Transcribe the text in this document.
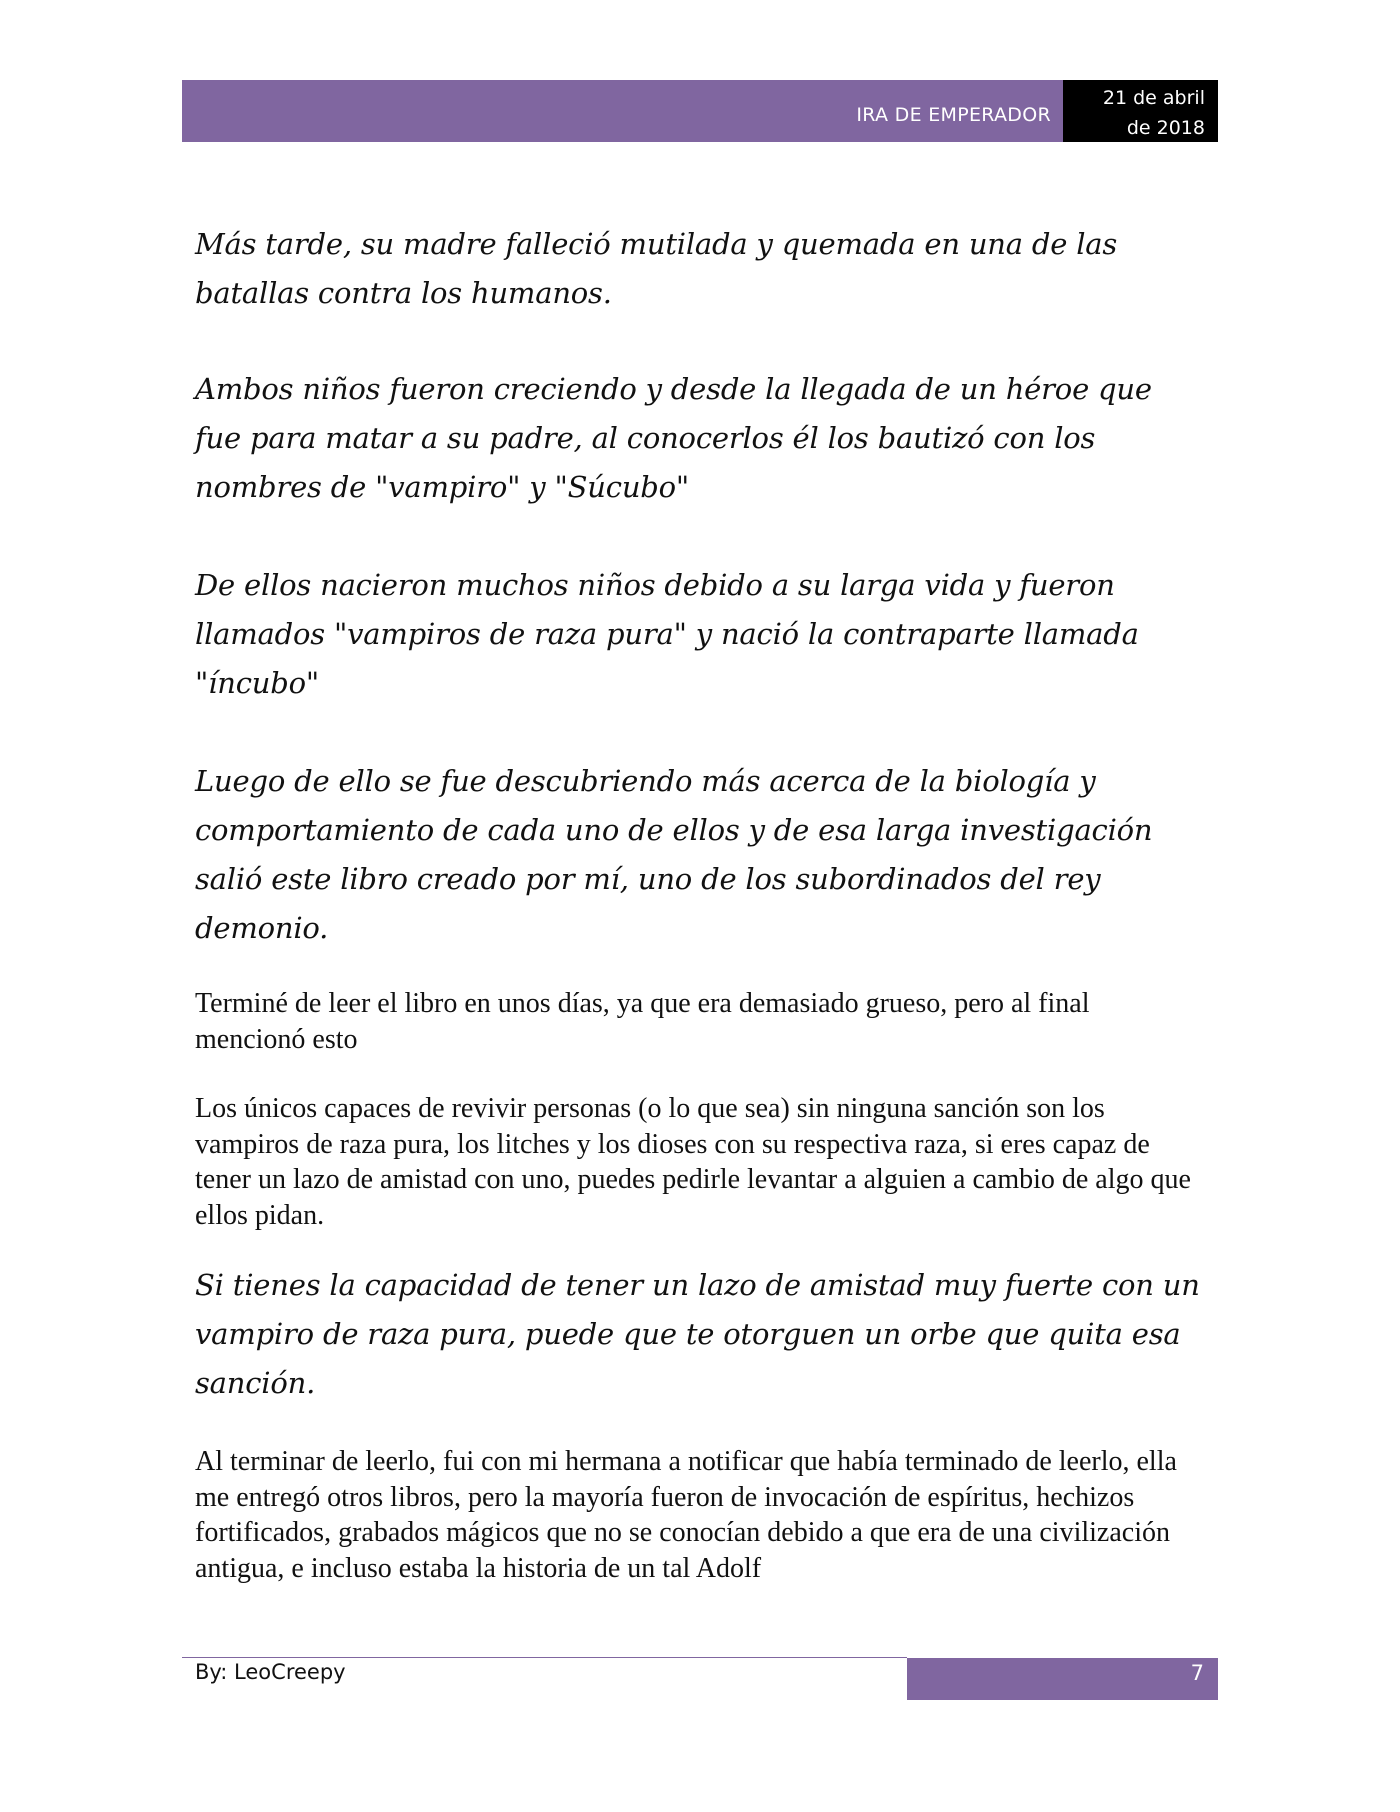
IRA DE EMPERADOR
21 de abril
de 2018

Más tarde, su madre falleció mutilada y quemada en una de las batallas contra los humanos.

Ambos niños fueron creciendo y desde la llegada de un héroe que fue para matar a su padre, al conocerlos él los bautizó con los nombres de "vampiro" y "Súcubo"

De ellos nacieron muchos niños debido a su larga vida y fueron llamados "vampiros de raza pura" y nació la contraparte llamada "íncubo"

Luego de ello se fue descubriendo más acerca de la biología y comportamiento de cada uno de ellos y de esa larga investigación salió este libro creado por mí, uno de los subordinados del rey demonio.

Terminé de leer el libro en unos días, ya que era demasiado grueso, pero al final mencionó esto

Los únicos capaces de revivir personas (o lo que sea) sin ninguna sanción son los vampiros de raza pura, los litches y los dioses con su respectiva raza, si eres capaz de tener un lazo de amistad con uno, puedes pedirle levantar a alguien a cambio de algo que ellos pidan.

Si tienes la capacidad de tener un lazo de amistad muy fuerte con un vampiro de raza pura, puede que te otorguen un orbe que quita esa sanción.

Al terminar de leerlo, fui con mi hermana a notificar que había terminado de leerlo, ella me entregó otros libros, pero la mayoría fueron de invocación de espíritus, hechizos fortificados, grabados mágicos que no se conocían debido a que era de una civilización antigua, e incluso estaba la historia de un tal Adolf

By: LeoCreepy	7
